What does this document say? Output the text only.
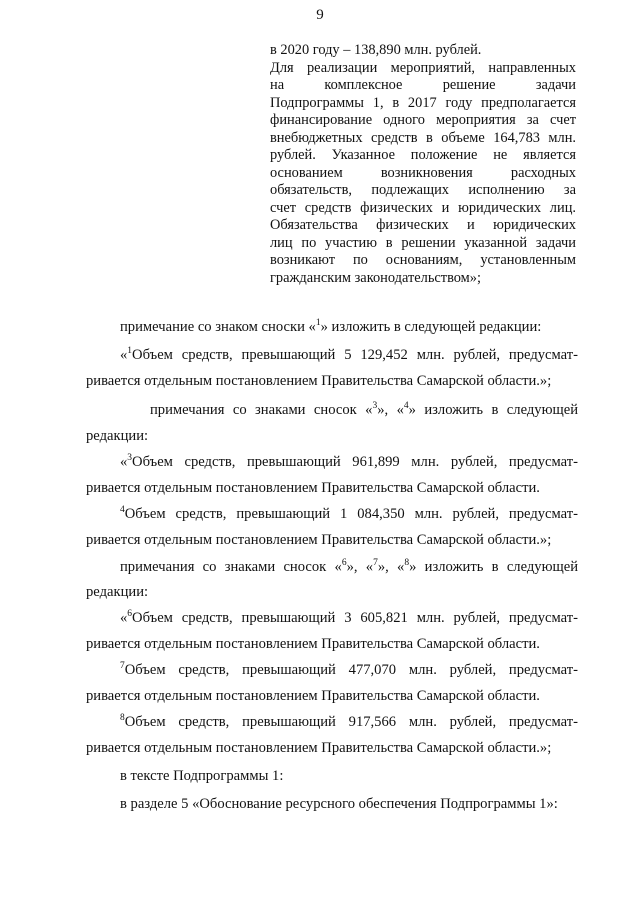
9
в 2020 году – 138,890 млн. рублей.
Для реализации мероприятий, направленных
на комплексное решение задачи
Подпрограммы 1, в 2017 году предполагается
финансирование одного мероприятия за счет
внебюджетных средств в объеме 164,783 млн.
рублей. Указанное положение не является
основанием возникновения расходных
обязательств, подлежащих исполнению за
счет средств физических и юридических лиц.
Обязательства физических и юридических
лиц по участию в решении указанной задачи
возникают по основаниям, установленным
гражданским законодательством»;
примечание со знаком сноски «$^1$» изложить в следующей редакции:
«$^1$Объем средств, превышающий 5 129,452 млн. рублей, предусмат-
ривается отдельным постановлением Правительства Самарской области.»;
примечания со знаками сносок «$^3$», «$^4$» изложить в следующей
редакции:
«$^3$Объем средств, превышающий 961,899 млн. рублей, предусмат-
ривается отдельным постановлением Правительства Самарской области.
$^4$Объем средств, превышающий 1 084,350 млн. рублей, предусмат-
ривается отдельным постановлением Правительства Самарской области.»;
примечания со знаками сносок «$^6$», «$^7$», «$^8$» изложить в следующей
редакции:
«$^6$Объем средств, превышающий 3 605,821 млн. рублей, предусмат-
ривается отдельным постановлением Правительства Самарской области.
$^7$Объем средств, превышающий 477,070 млн. рублей, предусмат-
ривается отдельным постановлением Правительства Самарской области.
$^8$Объем средств, превышающий 917,566 млн. рублей, предусмат-
ривается отдельным постановлением Правительства Самарской области.»;
в тексте Подпрограммы 1:
в разделе 5 «Обоснование ресурсного обеспечения Подпрограммы 1»:
